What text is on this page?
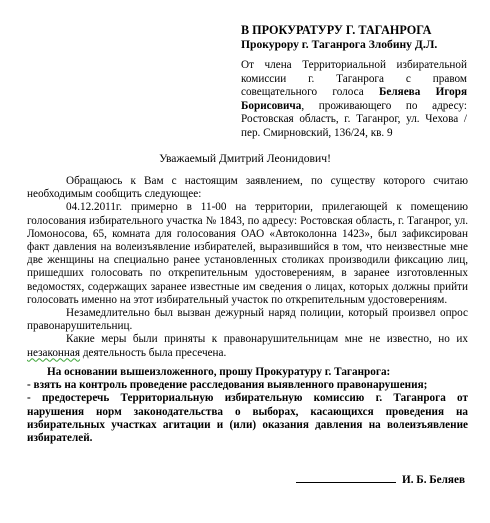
В ПРОКУРАТУРУ Г. ТАГАНРОГА
Прокурору г. Таганрога Злобину Д.Л.
От члена Территориальной избирательной комиссии г. Таганрога с правом совещательного голоса Беляева Игоря Борисовича, проживающего по адресу: Ростовская область, г. Таганрог, ул. Чехова / пер. Смирновский, 136/24, кв. 9
Уважаемый Дмитрий Леонидович!

Обращаюсь к Вам с настоящим заявлением, по существу которого считаю необходимым сообщить следующее:

04.12.2011г. примерно в 11-00 на территории, прилегающей к помещению голосования избирательного участка № 1843, по адресу: Ростовская область, г. Таганрог, ул. Ломоносова, 65, комната для голосования ОАО «Автоколонна 1423», был зафиксирован факт давления на волеизъявление избирателей, выразившийся в том, что неизвестные мне две женщины на специально ранее установленных столиках производили фиксацию лиц, пришедших голосовать по открепительным удостоверениям, в заранее изготовленных ведомостях, содержащих заранее известные им сведения о лицах, которых должны прийти голосовать именно на этот избирательный участок по открепительным удостоверениям.

Незамедлительно был вызван дежурный наряд полиции, который произвел опрос правонарушительниц.

Какие меры были приняты к правонарушительницам мне не известно, но их незаконная деятельность была пресечена.

На основании вышеизложенного, прошу Прокуратуру г. Таганрога:

- взять на контроль проведение расследования выявленного правонарушения;

- предостеречь Территориальную избирательную комиссию г. Таганрога от нарушения норм законодательства о выборах, касающихся проведения на избирательных участках агитации и (или) оказания давления на волеизъявление избирателей.

И. Б. Беляев
